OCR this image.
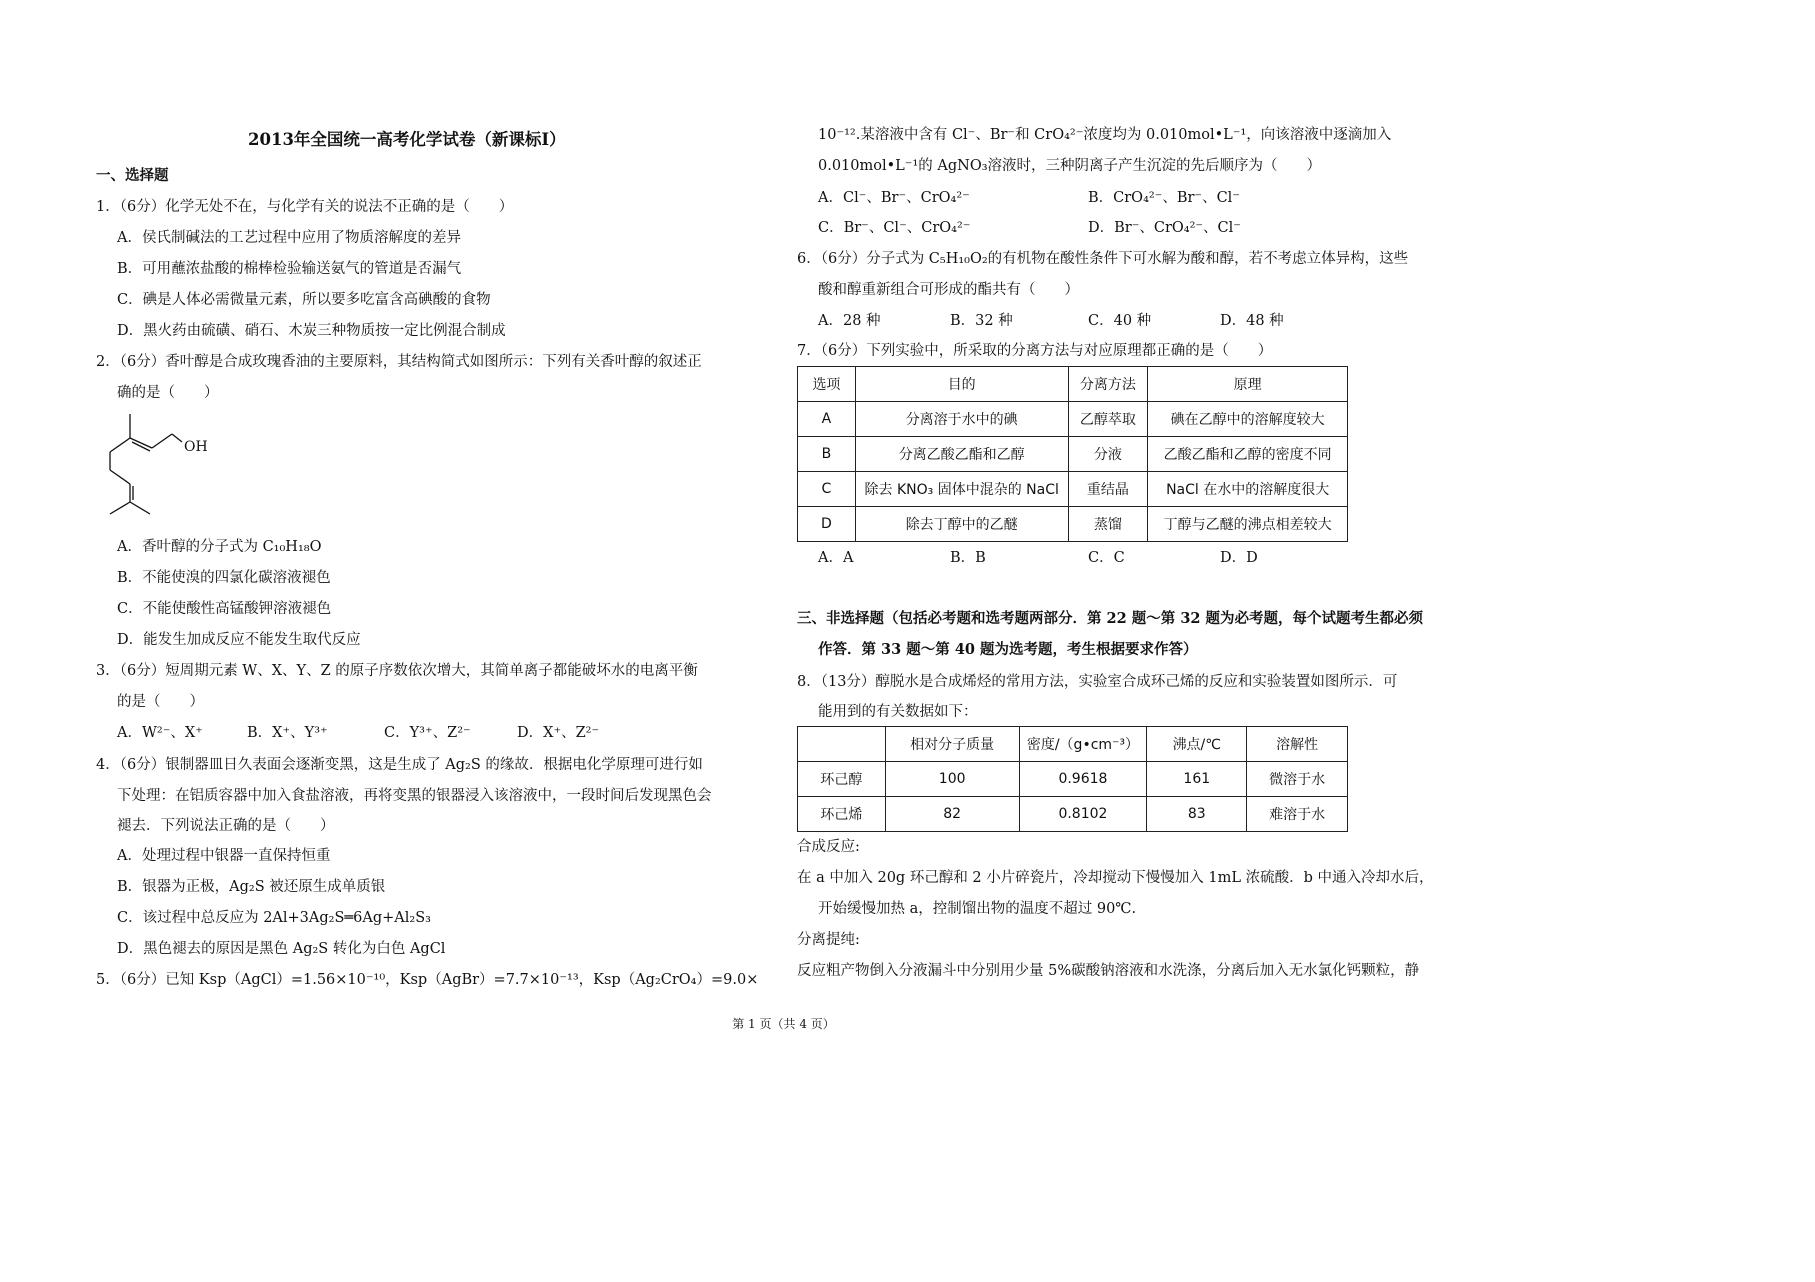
2013年全国统一高考化学试卷（新课标I）
一、选择题
1．（6分）化学无处不在，与化学有关的说法不正确的是（　　）
A．侯氏制碱法的工艺过程中应用了物质溶解度的差异
B．可用蘸浓盐酸的棉棒检验输送氨气的管道是否漏气
C．碘是人体必需微量元素，所以要多吃富含高碘酸的食物
D．黑火药由硫磺、硝石、木炭三种物质按一定比例混合制成
2．（6分）香叶醇是合成玫瑰香油的主要原料，其结构简式如图所示：下列有关香叶醇的叙述正
确的是（　　）
OH
A．香叶醇的分子式为 C₁₀H₁₈O
B．不能使溴的四氯化碳溶液褪色
C．不能使酸性高锰酸钾溶液褪色
D．能发生加成反应不能发生取代反应
3．（6分）短周期元素 W、X、Y、Z 的原子序数依次增大，其简单离子都能破坏水的电离平衡
的是（　　）
A．W²⁻、X⁺	B．X⁺、Y³⁺	C．Y³⁺、Z²⁻	D．X⁺、Z²⁻
4．（6分）银制器皿日久表面会逐渐变黑，这是生成了 Ag₂S 的缘故．根据电化学原理可进行如
下处理：在铝质容器中加入食盐溶液，再将变黑的银器浸入该溶液中，一段时间后发现黑色会
褪去．下列说法正确的是（　　）
A．处理过程中银器一直保持恒重
B．银器为正极，Ag₂S 被还原生成单质银
C．该过程中总反应为 2Al+3Ag₂S═6Ag+Al₂S₃
D．黑色褪去的原因是黑色 Ag₂S 转化为白色 AgCl
5．（6分）已知 Ksp（AgCl）=1.56×10⁻¹⁰，Ksp（AgBr）=7.7×10⁻¹³，Ksp（Ag₂CrO₄）=9.0×
10⁻¹².某溶液中含有 Cl⁻、Br⁻和 CrO₄²⁻浓度均为 0.010mol•L⁻¹，向该溶液中逐滴加入
0.010mol•L⁻¹的 AgNO₃溶液时，三种阴离子产生沉淀的先后顺序为（　　）
A．Cl⁻、Br⁻、CrO₄²⁻	B．CrO₄²⁻、Br⁻、Cl⁻
C．Br⁻、Cl⁻、CrO₄²⁻	D．Br⁻、CrO₄²⁻、Cl⁻
6．（6分）分子式为 C₅H₁₀O₂的有机物在酸性条件下可水解为酸和醇，若不考虑立体异构，这些
酸和醇重新组合可形成的酯共有（　　）
A．28 种	B．32 种	C．40 种	D．48 种
7．（6分）下列实验中，所采取的分离方法与对应原理都正确的是（　　）
选项	目的	分离方法	原理
A	分离溶于水中的碘	乙醇萃取	碘在乙醇中的溶解度较大
B	分离乙酸乙酯和乙醇	分液	乙酸乙酯和乙醇的密度不同
C	除去 KNO₃ 固体中混杂的 NaCl	重结晶	NaCl 在水中的溶解度很大
D	除去丁醇中的乙醚	蒸馏	丁醇与乙醚的沸点相差较大
A．A	B．B	C．C	D．D
三、非选择题（包括必考题和选考题两部分．第 22 题～第 32 题为必考题，每个试题考生都必须
作答．第 33 题～第 40 题为选考题，考生根据要求作答）
8．（13分）醇脱水是合成烯烃的常用方法，实验室合成环己烯的反应和实验装置如图所示．可
能用到的有关数据如下：
	相对分子质量	密度/（g•cm⁻³）	沸点/℃	溶解性
环己醇	100	0.9618	161	微溶于水
环己烯	82	0.8102	83	难溶于水
合成反应:
在 a 中加入 20g 环己醇和 2 小片碎瓷片，冷却搅动下慢慢加入 1mL 浓硫酸．b 中通入冷却水后，
开始缓慢加热 a，控制馏出物的温度不超过 90℃.
分离提纯:
反应粗产物倒入分液漏斗中分别用少量 5%碳酸钠溶液和水洗涤，分离后加入无水氯化钙颗粒，静
第 1 页（共 4 页）
